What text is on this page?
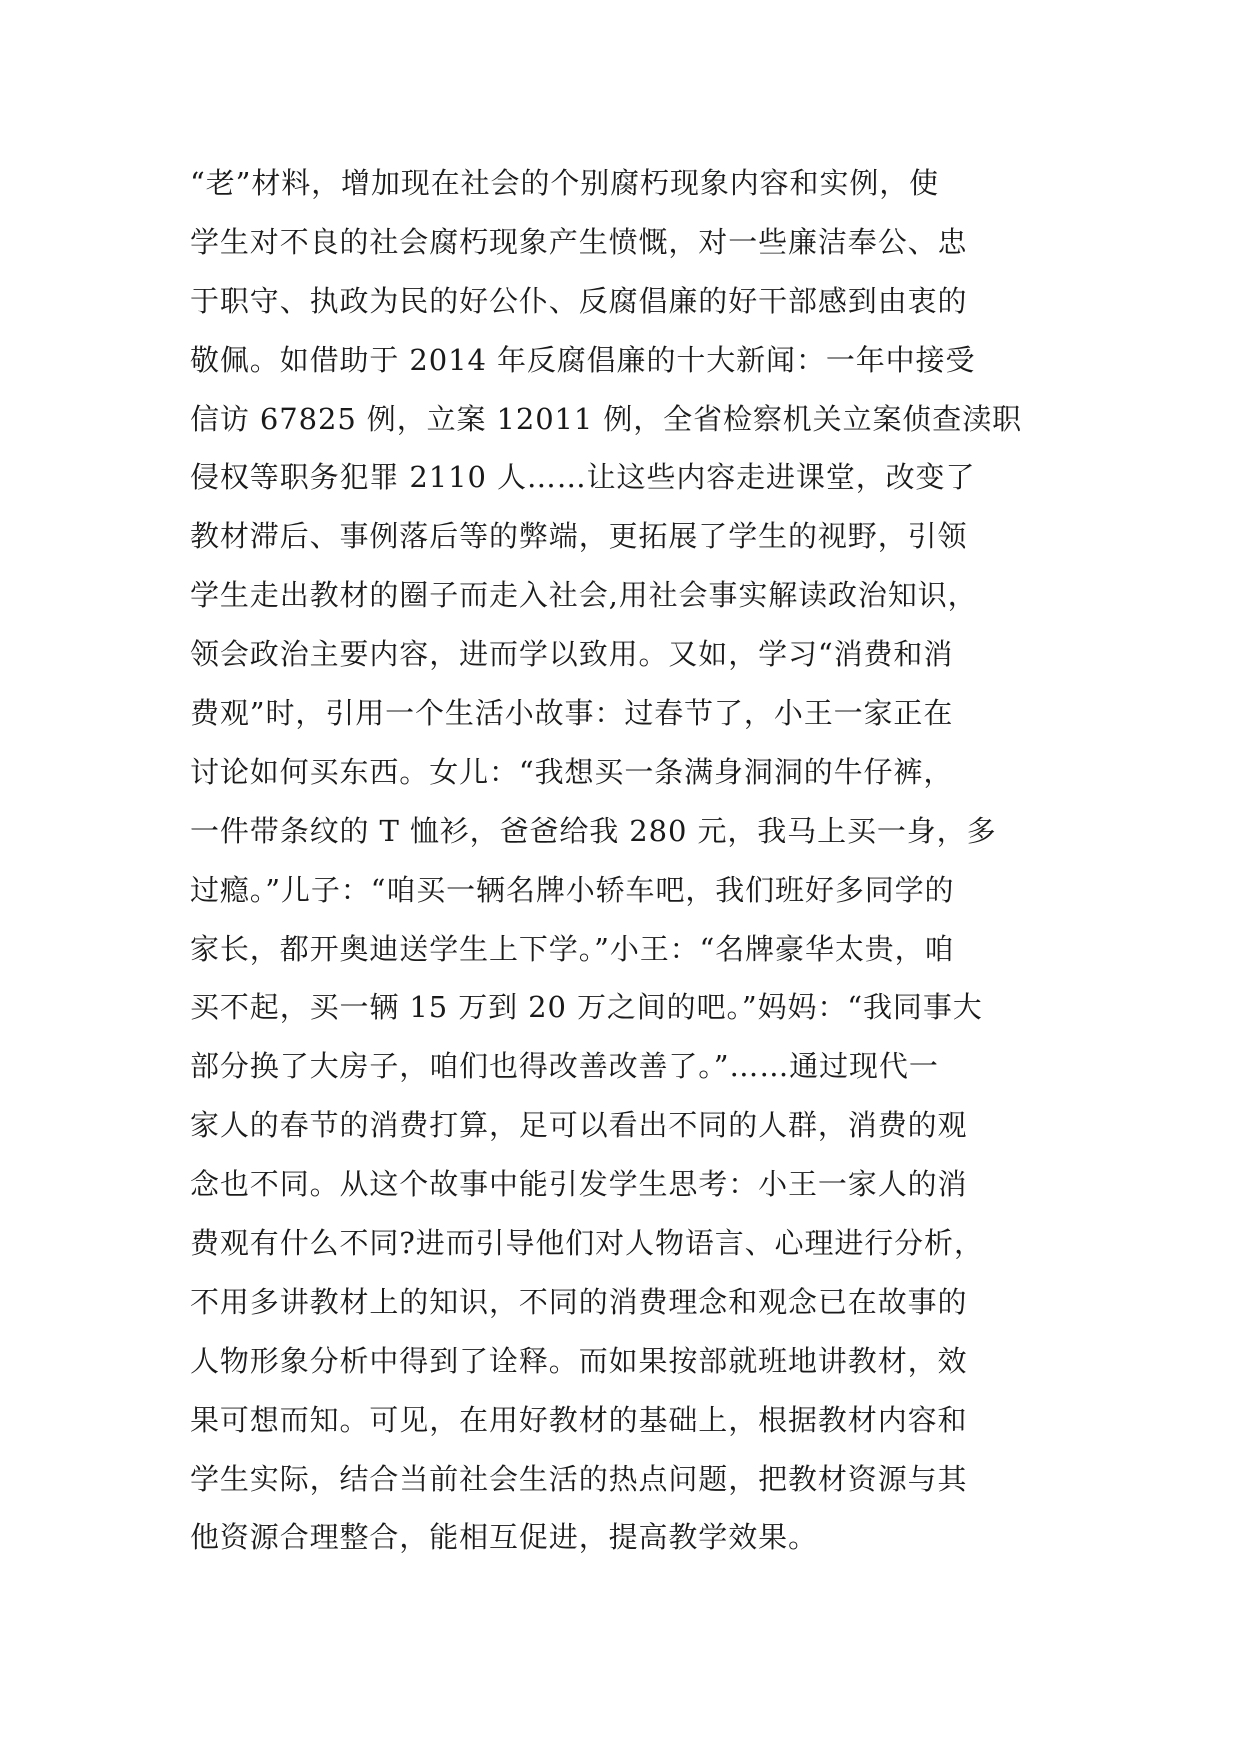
“老”材料，增加现在社会的个别腐朽现象内容和实例，使
学生对不良的社会腐朽现象产生愤慨，对一些廉洁奉公、忠
于职守、执政为民的好公仆、反腐倡廉的好干部感到由衷的
敬佩。如借助于 2014 年反腐倡廉的十大新闻：一年中接受
信访 67825 例，立案 12011 例，全省检察机关立案侦查渎职
侵权等职务犯罪 2110 人……让这些内容走进课堂，改变了
教材滞后、事例落后等的弊端，更拓展了学生的视野，引领
学生走出教材的圈子而走入社会,用社会事实解读政治知识，
领会政治主要内容，进而学以致用。又如，学习“消费和消
费观”时，引用一个生活小故事：过春节了，小王一家正在
讨论如何买东西。女儿：“我想买一条满身洞洞的牛仔裤，
一件带条纹的 T 恤衫，爸爸给我 280 元，我马上买一身，多
过瘾。”儿子：“咱买一辆名牌小轿车吧，我们班好多同学的
家长，都开奥迪送学生上下学。”小王：“名牌豪华太贵，咱
买不起，买一辆 15 万到 20 万之间的吧。”妈妈：“我同事大
部分换了大房子，咱们也得改善改善了。”……通过现代一
家人的春节的消费打算，足可以看出不同的人群，消费的观
念也不同。从这个故事中能引发学生思考：小王一家人的消
费观有什么不同?进而引导他们对人物语言、心理进行分析，
不用多讲教材上的知识，不同的消费理念和观念已在故事的
人物形象分析中得到了诠释。而如果按部就班地讲教材，效
果可想而知。可见，在用好教材的基础上，根据教材内容和
学生实际，结合当前社会生活的热点问题，把教材资源与其
他资源合理整合，能相互促进，提高教学效果。
